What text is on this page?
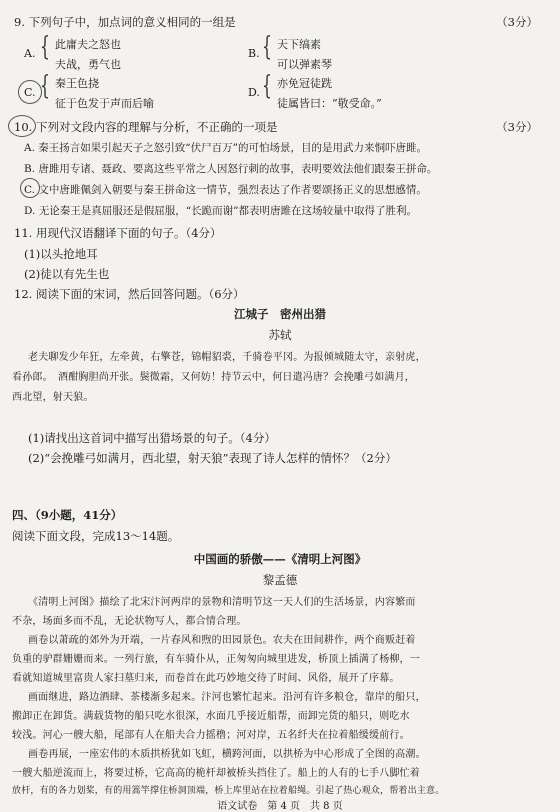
9. 下列句子中，加点词的意义相同的一组是	（3分）
A. { 此庸夫之怒也
夫战，勇气也
B. { 天下缟素
可以弹素琴
C. { 秦王色挠
征于色发于声而后喻
D. { 亦免冠徒跣
徒属皆曰：“敬受命。”
10. 下列对文段内容的理解与分析，不正确的一项是	（3分）
A. 秦王扬言如果引起天子之怒引致“伏尸百万”的可怕场景，目的是用武力来恫吓唐雎。
B. 唐雎用专诸、聂政、要离这些平常之人因怒行刺的故事，表明要效法他们跟秦王拼命。
C. 文中唐雎佩剑入朝要与秦王拼命这一情节，强烈表达了作者要颂扬正义的思想感情。
D. 无论秦王是真屈服还是假屈服，“长跪而谢”都表明唐雎在这场较量中取得了胜利。
11. 用现代汉语翻译下面的句子。（4分）
(1)以头抢地耳
(2)徒以有先生也
12. 阅读下面的宋词，然后回答问题。（6分）
江城子　密州出猎
苏轼
老夫聊发少年狂，左牵黄，右擎苍，锦帽貂裘，千骑卷平冈。为报倾城随太守，亲射虎，
看孙郎。　酒酣胸胆尚开张。鬓微霜，又何妨！持节云中，何日遣冯唐？会挽雕弓如满月，
西北望，射天狼。
(1)请找出这首词中描写出猎场景的句子。（4分）
(2)“会挽雕弓如满月，西北望，射天狼”表现了诗人怎样的情怀？（2分）
四、（9小题，41分）
阅读下面文段，完成13～14题。
中国画的骄傲——《清明上河图》
黎孟德
《清明上河图》描绘了北宋汴河两岸的景物和清明节这一天人们的生活场景，内容繁而
不杂，场面多而不乱，无论状物写人，都合情合理。
画卷以萧疏的郊外为开端，一片春风和煦的田园景色。农夫在田间耕作，两个商贩赶着
负重的驴群姗姗而来。一列行旅，有车骑仆从，正匆匆向城里进发，桥顶上插满了杨柳，一
看就知道城里富贵人家扫墓归来，而卷首在此巧妙地交待了时间、风俗，展开了序幕。
画面继进，路边酒肆、茶楼渐多起来。汴河也繁忙起来。沿河有许多粮仓，靠岸的船只，
搬卸正在卸货。满载货物的船只吃水很深，水面几乎接近船帮，而卸完货的船只，则吃水
较浅。河心一艘大船，尾部有人在船夫合力摇橹；河对岸，五名纤夫在拉着船缓缓前行。
画卷再展，一座宏伟的木质拱桥犹如飞虹，横跨河面，以拱桥为中心形成了全图的高潮。
一艘大船逆流而上，将要过桥，它高高的桅杆却被桥头挡住了。船上的人有的七手八脚忙着
放杆，有的各力划桨，有的用篙竿撑住桥洞顶端，桥上库里站在拉着船绳。引起了热心观众，帮着出主意。
语文试卷　第 4 页　共 8 页
